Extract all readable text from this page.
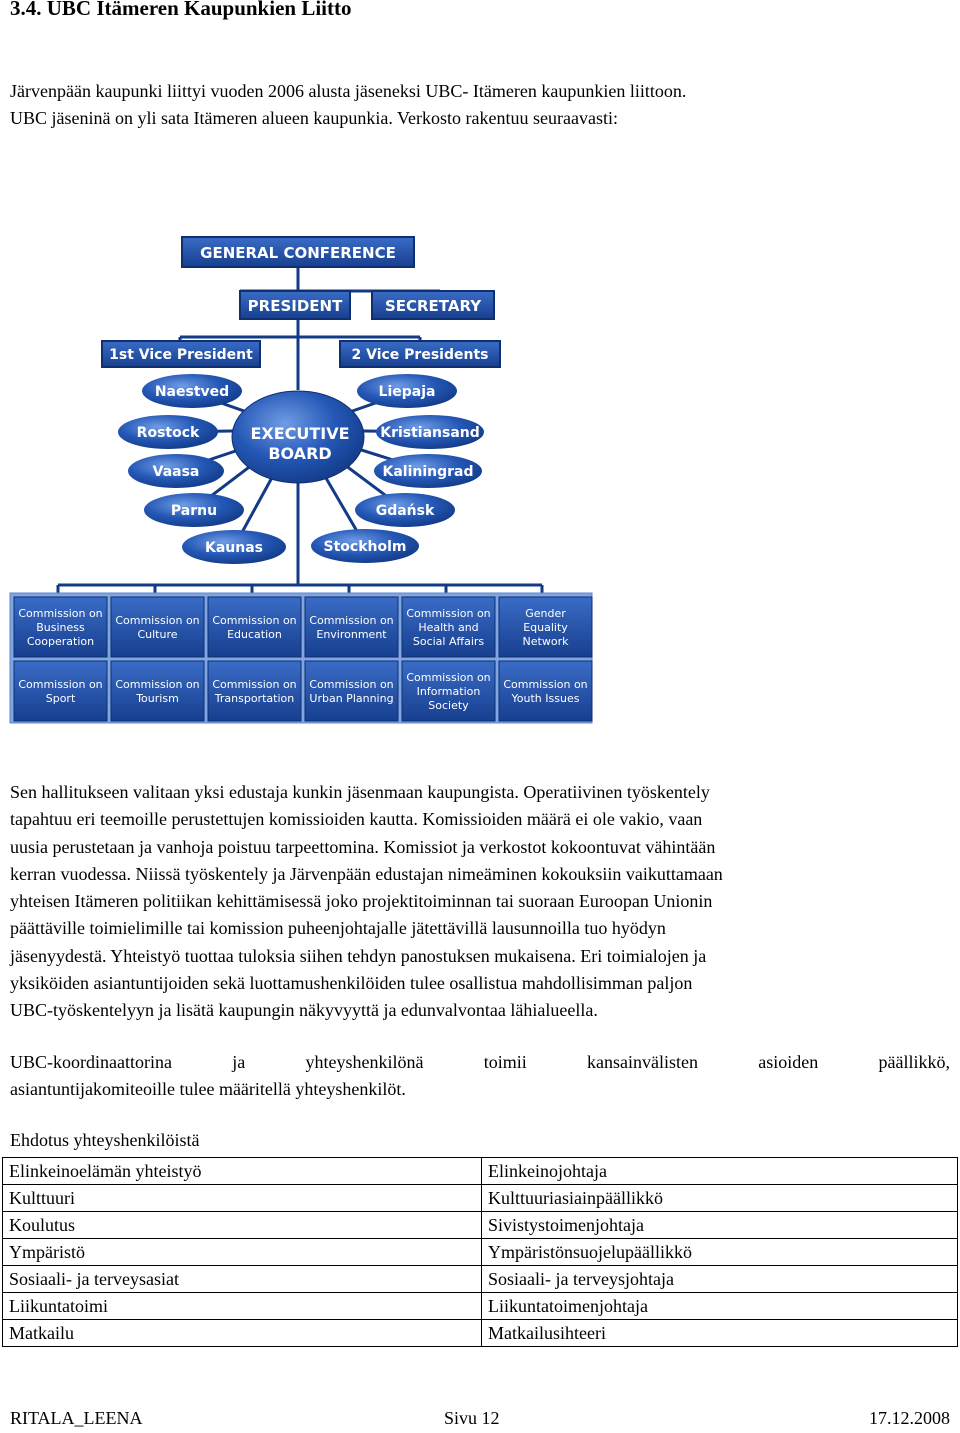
3.4. UBC Itämeren Kaupunkien Liitto

Järvenpään kaupunki liittyi vuoden 2006 alusta jäseneksi UBC- Itämeren kaupunkien liittoon.

UBC jäseninä on yli sata Itämeren alueen kaupunkia. Verkosto rakentuu seuraavasti:

GENERAL CONFERENCE
PRESIDENT	SECRETARY
1st Vice President	2 Vice Presidents
EXECUTIVE
BOARD
Naestved
Rostock
Vaasa
Parnu
Kaunas
Liepaja
Kristiansand
Kaliningrad
Gdańsk
Stockholm
Commission on
Business
Cooperation
Commission on
Culture
Commission on
Education
Commission on
Environment
Commission on
Health and
Social Affairs
Gender
Equality
Network
Commission on
Sport
Commission on
Tourism
Commission on
Transportation
Commission on
Urban Planning
Commission on
Information
Society
Commission on
Youth Issues

Sen hallitukseen valitaan yksi edustaja kunkin jäsenmaan kaupungista. Operatiivinen työskentely

tapahtuu eri teemoille perustettujen komissioiden kautta. Komissioiden määrä ei ole vakio, vaan

uusia perustetaan ja vanhoja poistuu tarpeettomina. Komissiot ja verkostot kokoontuvat vähintään

kerran vuodessa. Niissä työskentely ja Järvenpään edustajan nimeäminen kokouksiin vaikuttamaan

yhteisen Itämeren politiikan kehittämisessä joko projektitoiminnan tai suoraan Euroopan Unionin

päättäville toimielimille tai komission puheenjohtajalle jätettävillä lausunnoilla tuo hyödyn

jäsenyydestä. Yhteistyö tuottaa tuloksia siihen tehdyn panostuksen mukaisena. Eri toimialojen ja

yksiköiden asiantuntijoiden sekä luottamushenkilöiden tulee osallistua mahdollisimman paljon

UBC-työskentelyyn ja lisätä kaupungin näkyvyyttä ja edunvalvontaa lähialueella.

UBC-koordinaattorina ja yhteyshenkilönä toimii kansainvälisten asioiden päällikkö,
asiantuntijakomiteoille tulee määritellä yhteyshenkilöt.
Ehdotus yhteyshenkilöistä
Elinkeinoelämän yhteistyö	Elinkeinojohtaja
Kulttuuri	Kulttuuriasiainpäällikkö
Koulutus	Sivistystoimenjohtaja
Ympäristö	Ympäristönsuojelupäällikkö
Sosiaali- ja terveysasiat	Sosiaali- ja terveysjohtaja
Liikuntatoimi	Liikuntatoimenjohtaja
Matkailu	Matkailusihteeri
RITALA_LEENA	Sivu 12	17.12.2008
